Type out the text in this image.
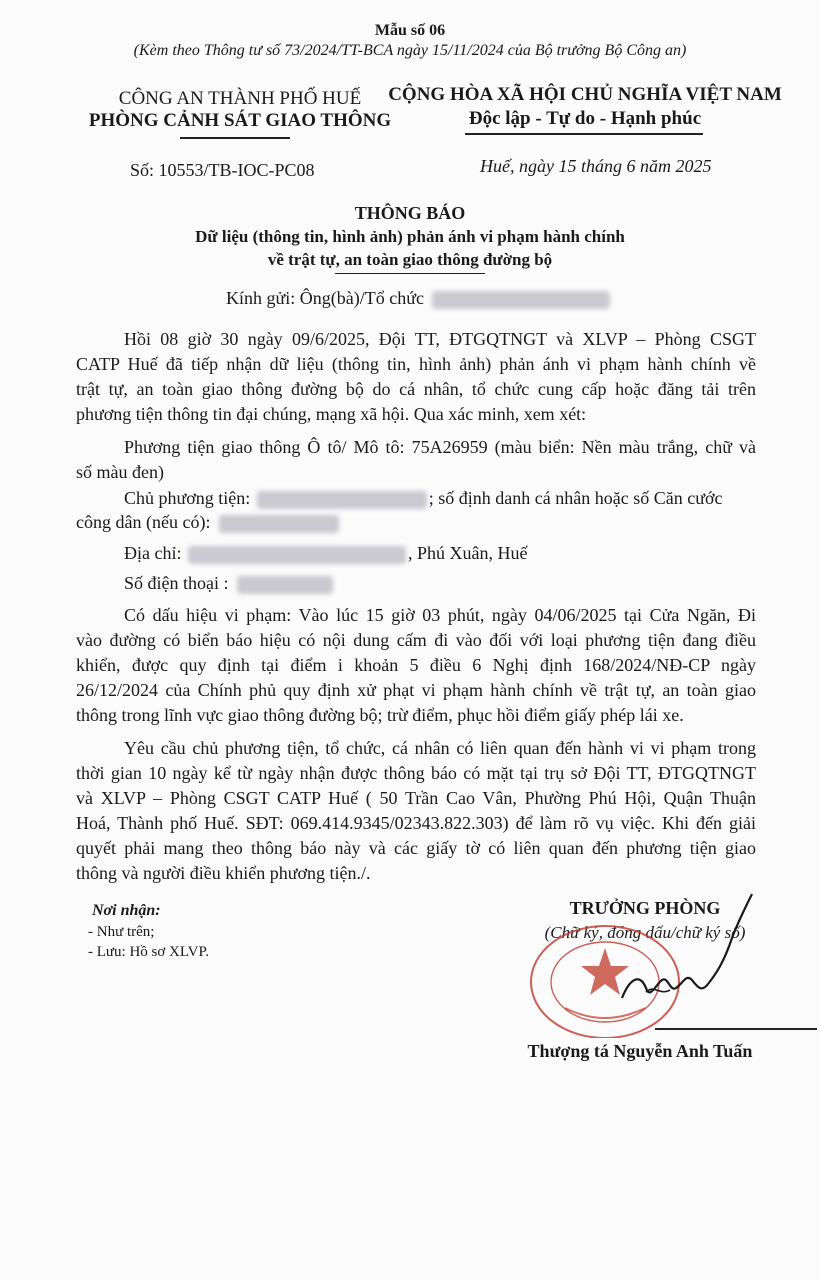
Mẫu số 06
(Kèm theo Thông tư số 73/2024/TT-BCA ngày 15/11/2024 của Bộ trưởng Bộ Công an)
CÔNG AN THÀNH PHỐ HUẾ
PHÒNG CẢNH SÁT GIAO THÔNG
Số: 10553/TB-IOC-PC08
CỘNG HÒA XÃ HỘI CHỦ NGHĨA VIỆT NAM
Độc lập - Tự do - Hạnh phúc
Huế, ngày 15 tháng 6 năm 2025
THÔNG BÁO
Dữ liệu (thông tin, hình ảnh) phản ánh vi phạm hành chính
về trật tự, an toàn giao thông đường bộ
Kính gửi: Ông(bà)/Tổ chức
Hồi 08 giờ 30 ngày 09/6/2025, Đội TT, ĐTGQTNGT và XLVP – Phòng CSGT
CATP Huế đã tiếp nhận dữ liệu (thông tin, hình ảnh) phản ánh vi phạm hành chính về
trật tự, an toàn giao thông đường bộ do cá nhân, tổ chức cung cấp hoặc đăng tải trên
phương tiện thông tin đại chúng, mạng xã hội. Qua xác minh, xem xét:
Phương tiện giao thông Ô tô/ Mô tô: 75A26959 (màu biển: Nền màu trắng, chữ và
số màu đen)
Chủ phương tiện:	; số định danh cá nhân hoặc số Căn cước
công dân (nếu có):
Địa chỉ:	, Phú Xuân, Huế
Số điện thoại :
Có dấu hiệu vi phạm: Vào lúc 15 giờ 03 phút, ngày 04/06/2025 tại Cửa Ngăn, Đi
vào đường có biển báo hiệu có nội dung cấm đi vào đối với loại phương tiện đang điều
khiển, được quy định tại điểm i khoản 5 điều 6 Nghị định 168/2024/NĐ-CP ngày
26/12/2024 của Chính phủ quy định xử phạt vi phạm hành chính về trật tự, an toàn giao
thông trong lĩnh vực giao thông đường bộ; trừ điểm, phục hồi điểm giấy phép lái xe.
Yêu cầu chủ phương tiện, tổ chức, cá nhân có liên quan đến hành vi vi phạm trong
thời gian 10 ngày kể từ ngày nhận được thông báo có mặt tại trụ sở Đội TT, ĐTGQTNGT
và XLVP – Phòng CSGT CATP Huế ( 50 Trần Cao Vân, Phường Phú Hội, Quận Thuận
Hoá, Thành phố Huế. SĐT: 069.414.9345/02343.822.303) để làm rõ vụ việc. Khi đến giải
quyết phải mang theo thông báo này và các giấy tờ có liên quan đến phương tiện giao
thông và người điều khiển phương tiện./.
Nơi nhận:
- Như trên;
- Lưu: Hồ sơ XLVP.
TRƯỞNG PHÒNG
(Chữ ký, đóng dấu/chữ ký số)
Thượng tá Nguyễn Anh Tuấn
